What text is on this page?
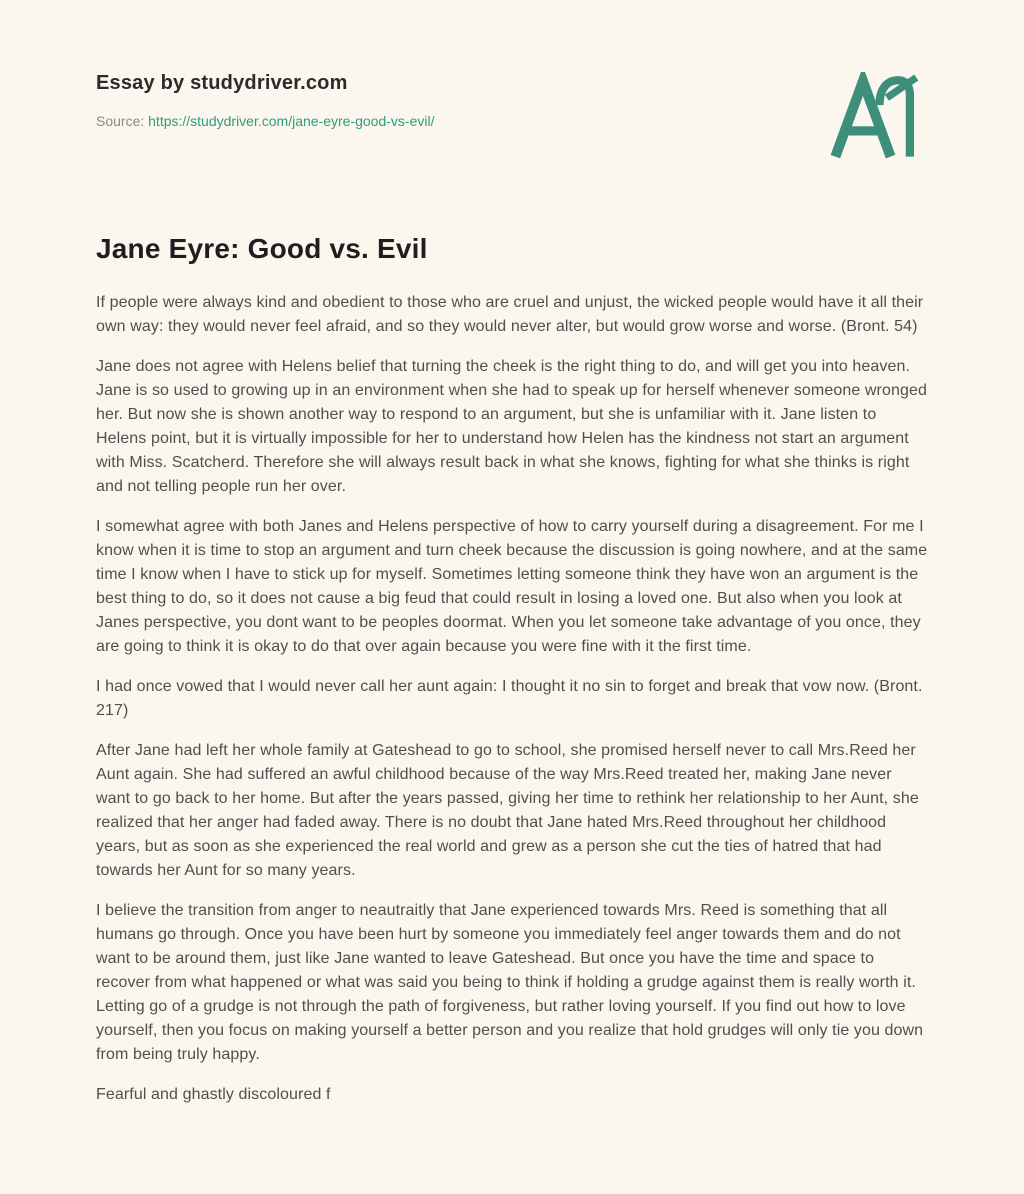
Essay by studydriver.com
Source: https://studydriver.com/jane-eyre-good-vs-evil/
Jane Eyre: Good vs. Evil

If people were always kind and obedient to those who are cruel and unjust, the wicked people would have it all their own way: they would never feel afraid, and so they would never alter, but would grow worse and worse. (Bront. 54)

Jane does not agree with Helens belief that turning the cheek is the right thing to do, and will get you into heaven. Jane is so used to growing up in an environment when she had to speak up for herself whenever someone wronged her. But now she is shown another way to respond to an argument, but she is unfamiliar with it. Jane listen to Helens point, but it is virtually impossible for her to understand how Helen has the kindness not start an argument with Miss. Scatcherd. Therefore she will always result back in what she knows, fighting for what she thinks is right and not telling people run her over.

I somewhat agree with both Janes and Helens perspective of how to carry yourself during a disagreement. For me I know when it is time to stop an argument and turn cheek because the discussion is going nowhere, and at the same time I know when I have to stick up for myself. Sometimes letting someone think they have won an argument is the best thing to do, so it does not cause a big feud that could result in losing a loved one. But also when you look at Janes perspective, you dont want to be peoples doormat. When you let someone take advantage of you once, they are going to think it is okay to do that over again because you were fine with it the first time.

I had once vowed that I would never call her aunt again: I thought it no sin to forget and break that vow now. (Bront. 217)

After Jane had left her whole family at Gateshead to go to school, she promised herself never to call Mrs.Reed her Aunt again. She had suffered an awful childhood because of the way Mrs.Reed treated her, making Jane never want to go back to her home. But after the years passed, giving her time to rethink her relationship to her Aunt, she realized that her anger had faded away. There is no doubt that Jane hated Mrs.Reed throughout her childhood years, but as soon as she experienced the real world and grew as a person she cut the ties of hatred that had towards her Aunt for so many years.

I believe the transition from anger to neautraitly that Jane experienced towards Mrs. Reed is something that all humans go through. Once you have been hurt by someone you immediately feel anger towards them and do not want to be around them, just like Jane wanted to leave Gateshead. But once you have the time and space to recover from what happened or what was said you being to think if holding a grudge against them is really worth it. Letting go of a grudge is not through the path of forgiveness, but rather loving yourself. If you find out how to love yourself, then you focus on making yourself a better person and you realize that hold grudges will only tie you down from being truly happy.

Fearful and ghastly discoloured f
